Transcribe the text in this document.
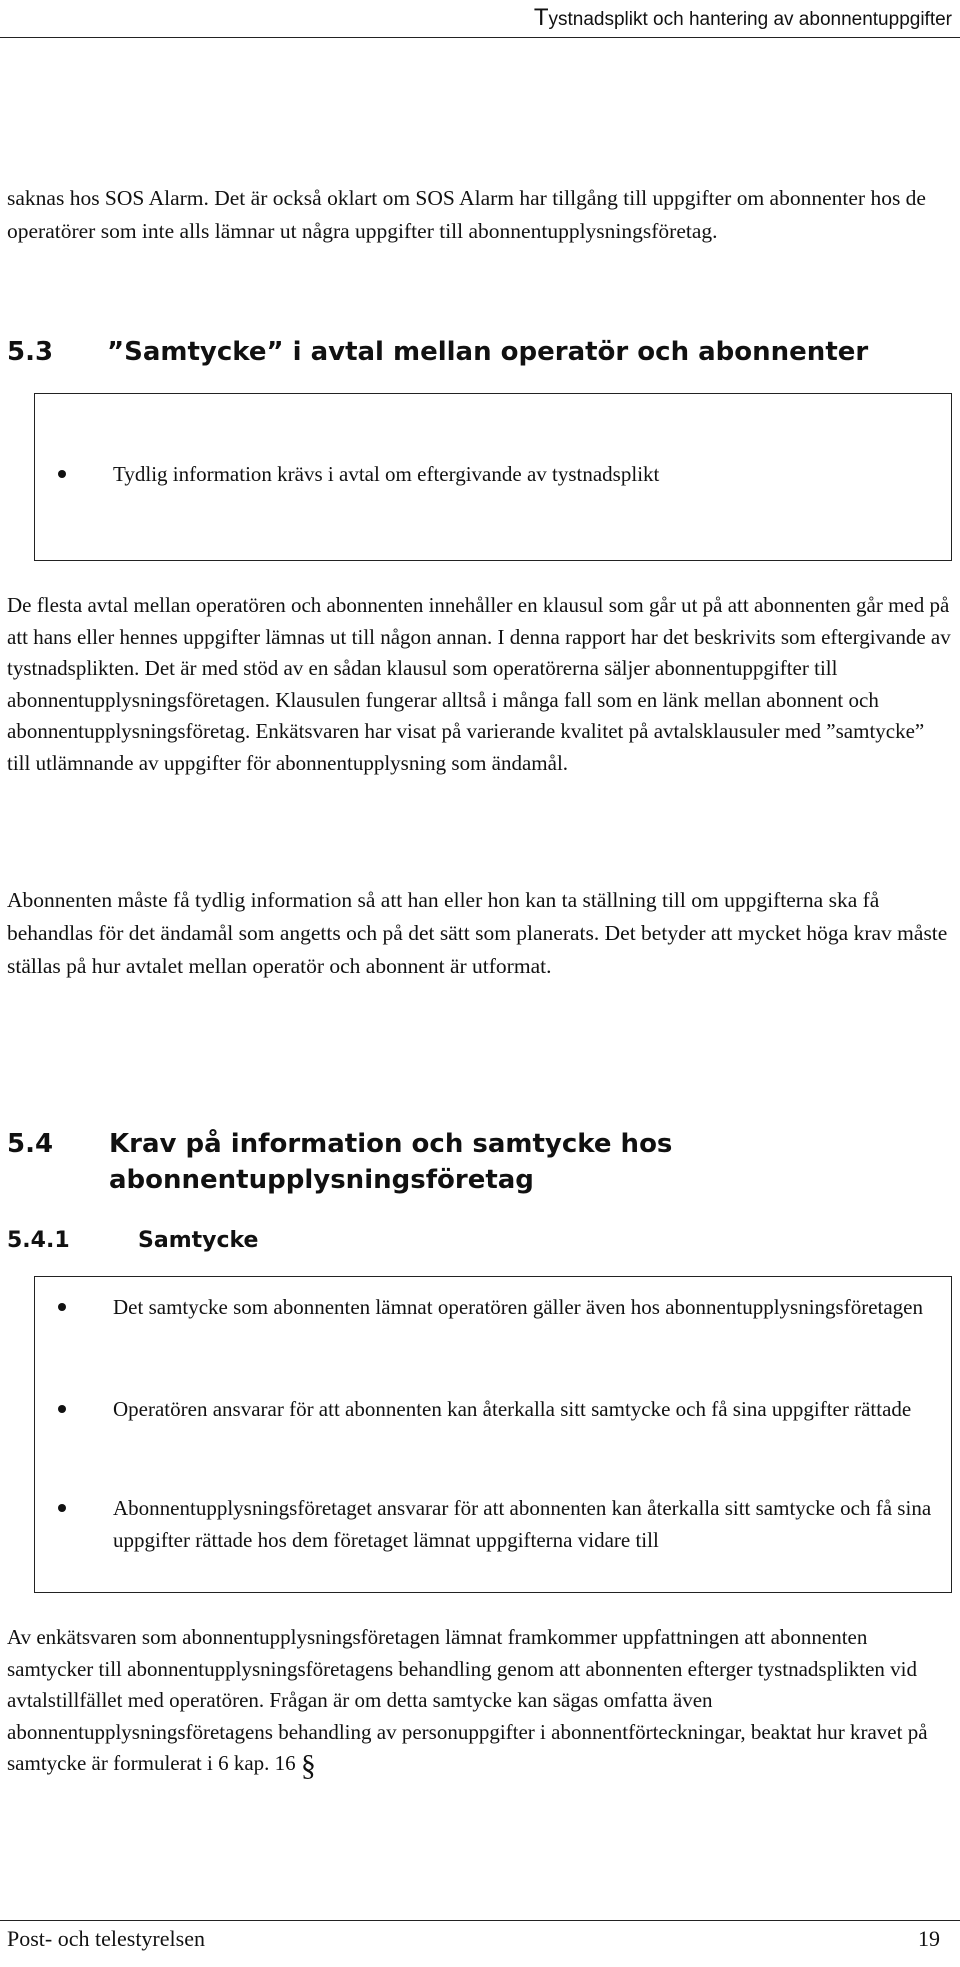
Tystnadsplikt och hantering av abonnentuppgifter

saknas hos SOS Alarm. Det är också oklart om SOS Alarm har tillgång till uppgifter om abonnenter hos de operatörer som inte alls lämnar ut några uppgifter till abonnentupplysningsföretag.

5.3	”Samtycke” i avtal mellan operatör och abonnenter
Tydlig information krävs i avtal om eftergivande av tystnadsplikt

De flesta avtal mellan operatören och abonnenten innehåller en klausul som går ut på att abonnenten går med på att hans eller hennes uppgifter lämnas ut till någon annan. I denna rapport har det beskrivits som eftergivande av tystnadsplikten. Det är med stöd av en sådan klausul som operatörerna säljer abonnentuppgifter till abonnentupplysningsföretagen. Klausulen fungerar alltså i många fall som en länk mellan abonnent och abonnentupplysningsföretag. Enkätsvaren har visat på varierande kvalitet på avtalsklausuler med ”samtycke” till utlämnande av uppgifter för abonnentupplysning som ändamål.

Abonnenten måste få tydlig information så att han eller hon kan ta ställning till om uppgifterna ska få behandlas för det ändamål som angetts och på det sätt som planerats. Det betyder att mycket höga krav måste ställas på hur avtalet mellan operatör och abonnent är utformat.

5.4	Krav på information och samtycke hos abonnentupplysningsföretag
5.4.1	Samtycke
Det samtycke som abonnenten lämnat operatören gäller även hos abonnentupplysningsföretagen
Operatören ansvarar för att abonnenten kan återkalla sitt samtycke och få sina uppgifter rättade
Abonnentupplysningsföretaget ansvarar för att abonnenten kan återkalla sitt samtycke och få sina uppgifter rättade hos dem företaget lämnat uppgifterna vidare till

Av enkätsvaren som abonnentupplysningsföretagen lämnat framkommer uppfattningen att abonnenten samtycker till abonnentupplysningsföretagens behandling genom att abonnenten efterger tystnadsplikten vid avtalstillfället med operatören. Frågan är om detta samtycke kan sägas omfatta även abonnentupplysningsföretagens behandling av personuppgifter i abonnentförteckningar, beaktat hur kravet på samtycke är formulerat i 6 kap. 16 §

Post- och telestyrelsen	19
